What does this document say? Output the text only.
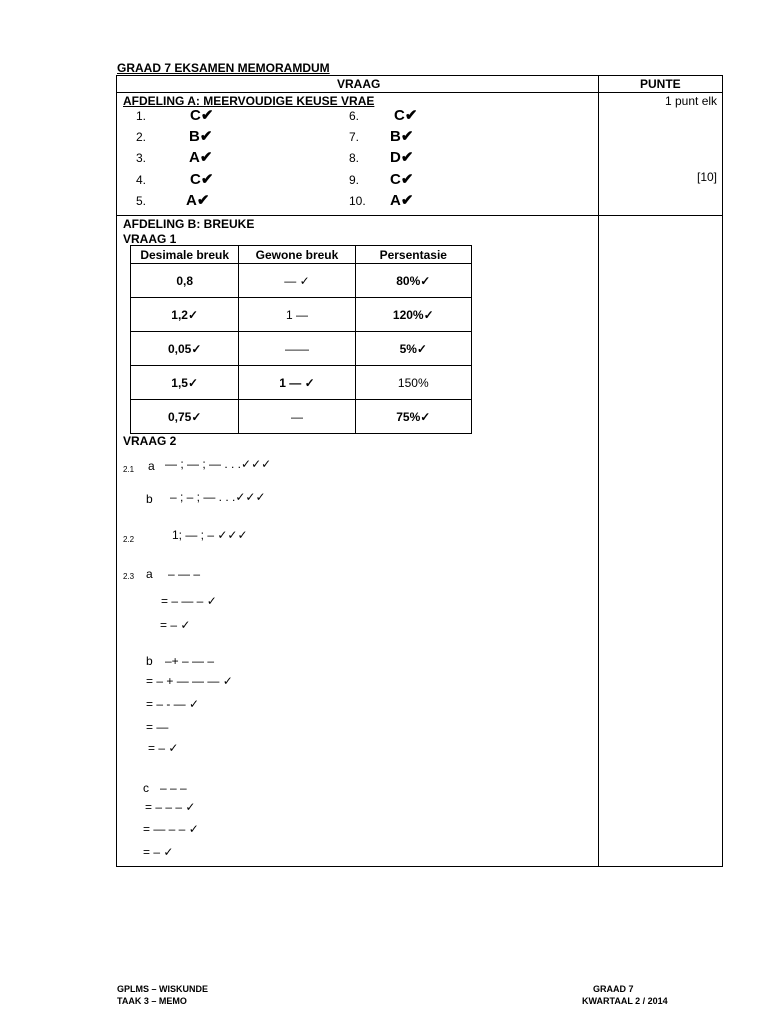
GRAAD 7 EKSAMEN MEMORAMDUM
VRAAG	PUNTE
AFDELING A: MEERVOUDIGE KEUSE VRAE	1 punt elk
[10]
1.	C✔
2.	B✔
3.	A✔
4.	C✔
5.	A✔
6. C✔
7. B✔
8. D✔
9. C✔
10. A✔
AFDELING B: BREUKE
VRAAG 1
Desimale breuk	Gewone breuk	Persentasie
0,8	— ✓	80%✓
1,2✓	1 —	120%✓
0,05✓	——	5%✓
1,5✓	1 — ✓	150%
0,75✓	—	75%✓
VRAAG 2
2.1 a — ; — ; — . . .✓✓✓
b – ; – ; — . . .✓✓✓
2.2	1; — ; – ✓✓✓
2.3 a – — –
= – — – ✓
= – ✓
b –+ – — –
= – + — — — ✓
= – - — ✓
= —
= – ✓
c – – –
= – – – ✓
= — – – ✓
= – ✓
GPLMS – WISKUNDE
TAAK 3 – MEMO
GRAAD 7
KWARTAAL 2 / 2014
